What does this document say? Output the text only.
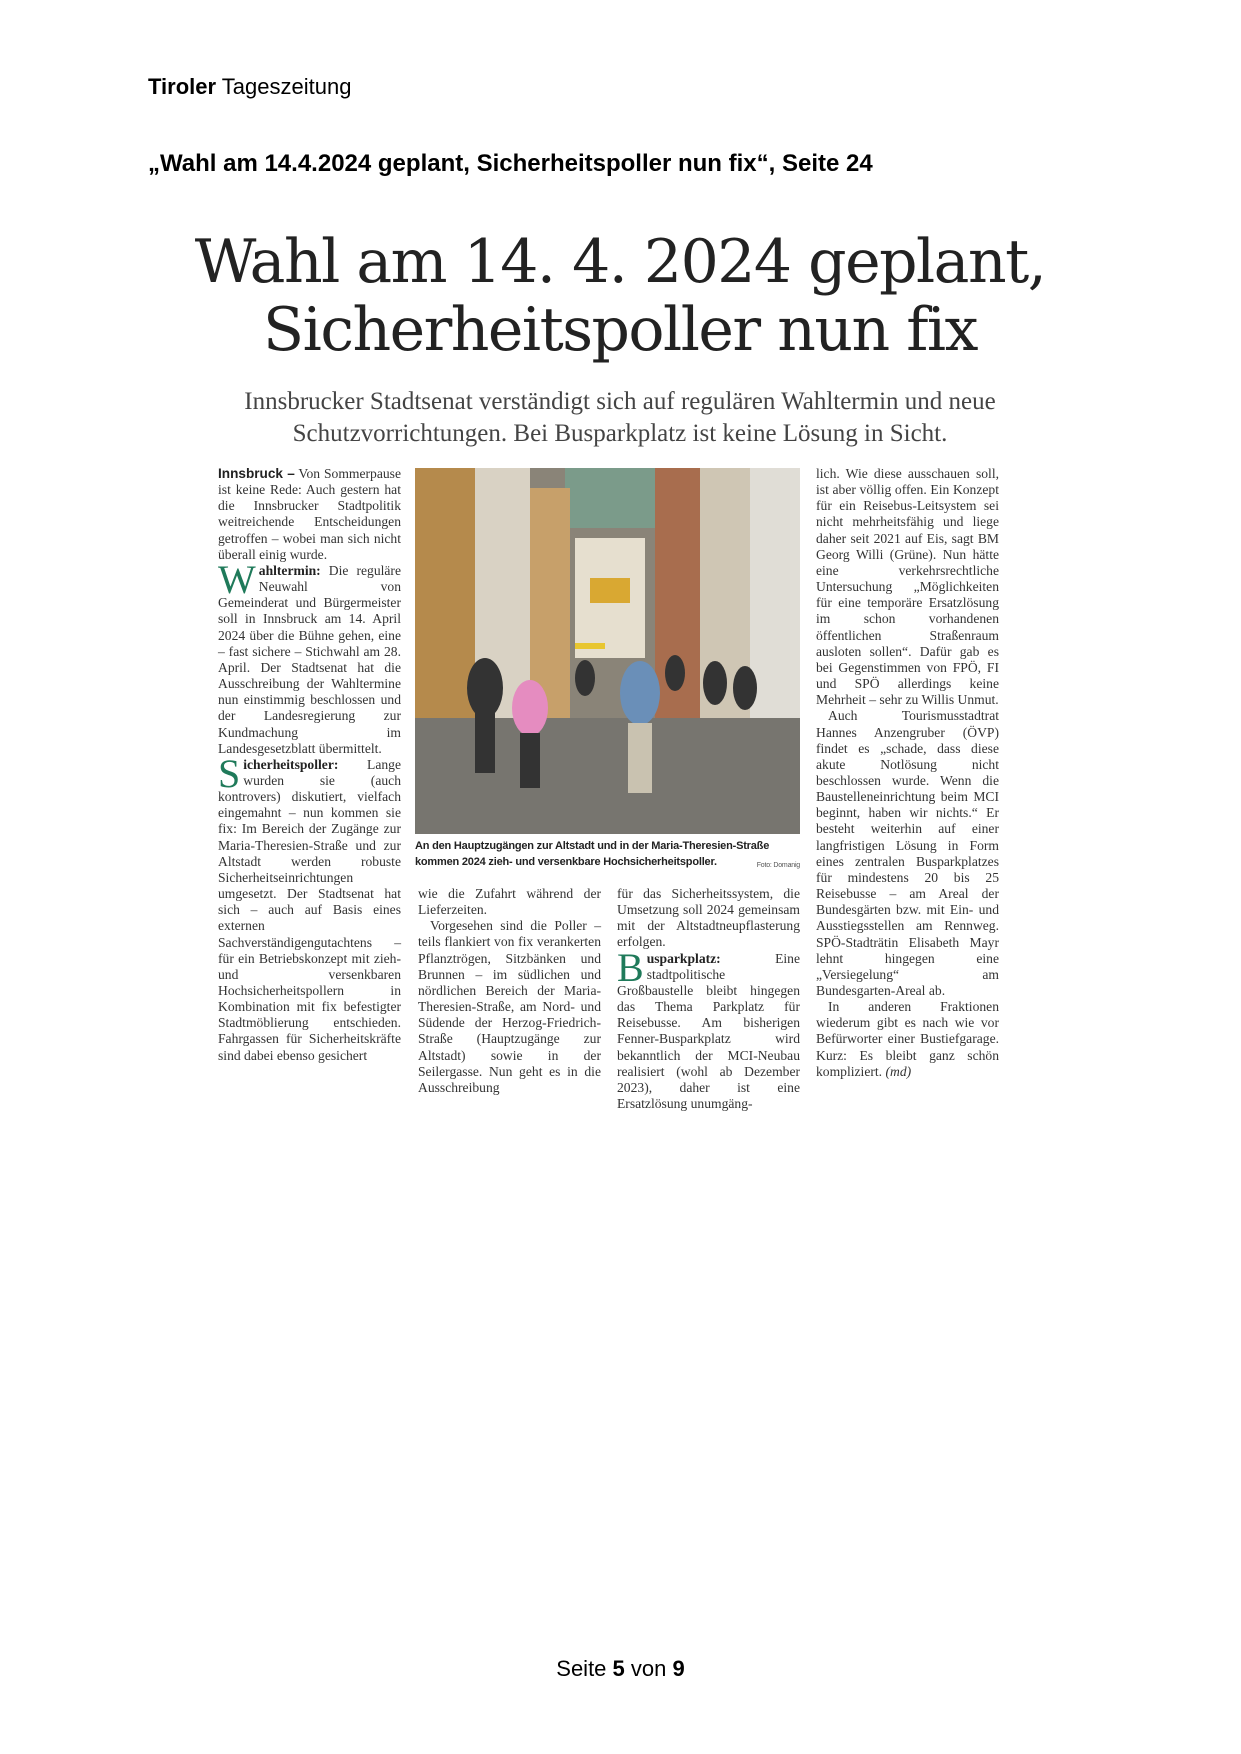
Tiroler Tageszeitung
„Wahl am 14.4.2024 geplant, Sicherheitspoller nun fix“, Seite 24
Wahl am 14. 4. 2024 geplant,
Sicherheitspoller nun fix
Innsbrucker Stadtsenat verständigt sich auf regulären Wahltermin und neue Schutzvorrichtungen. Bei Busparkplatz ist keine Lösung in Sicht.

Innsbruck – Von Sommerpause ist keine Rede: Auch gestern hat die Innsbrucker Stadtpolitik weitreichende Entscheidungen getroffen – wobei man sich nicht überall einig wurde.

Wahltermin: Die reguläre Neuwahl von Gemeinderat und Bürgermeister soll in Innsbruck am 14. April 2024 über die Bühne gehen, eine – fast sichere – Stichwahl am 28. April. Der Stadtsenat hat die Ausschreibung der Wahltermine nun einstimmig beschlossen und der Landesregierung zur Kundmachung im Landesgesetzblatt übermittelt.

Sicherheitspoller: Lange wurden sie (auch kontrovers) diskutiert, vielfach eingemahnt – nun kommen sie fix: Im Bereich der Zugänge zur Maria-Theresien-Straße und zur Altstadt werden robuste Sicherheitseinrichtungen umgesetzt. Der Stadtsenat hat sich – auch auf Basis eines externen Sachverständigengutachtens – für ein Betriebskonzept mit zieh- und versenkbaren Hochsicherheitspollern in Kombination mit fix befestigter Stadtmöblierung entschieden. Fahrgassen für Sicherheitskräfte sind dabei ebenso gesichert

An den Hauptzugängen zur Altstadt und in der Maria-Theresien-Straße kommen 2024 zieh- und versenkbare Hochsicherheitspoller.	Foto: Domanig

wie die Zufahrt während der Lieferzeiten.

Vorgesehen sind die Poller – teils flankiert von fix verankerten Pflanztrögen, Sitzbänken und Brunnen – im südlichen und nördlichen Bereich der Maria-Theresien-Straße, am Nord- und Südende der Herzog-Friedrich-Straße (Hauptzugänge zur Altstadt) sowie in der Seilergasse. Nun geht es in die Ausschreibung

für das Sicherheitssystem, die Umsetzung soll 2024 gemeinsam mit der Altstadtneupflasterung erfolgen.

Busparkplatz: Eine stadtpolitische Großbaustelle bleibt hingegen das Thema Parkplatz für Reisebusse. Am bisherigen Fenner-Busparkplatz wird bekanntlich der MCI-Neubau realisiert (wohl ab Dezember 2023), daher ist eine Ersatzlösung unumgäng-

lich. Wie diese ausschauen soll, ist aber völlig offen. Ein Konzept für ein Reisebus-Leitsystem sei nicht mehrheitsfähig und liege daher seit 2021 auf Eis, sagt BM Georg Willi (Grüne). Nun hätte eine verkehrsrechtliche Untersuchung „Möglichkeiten für eine temporäre Ersatzlösung im schon vorhandenen öffentlichen Straßenraum ausloten sollen“. Dafür gab es bei Gegenstimmen von FPÖ, FI und SPÖ allerdings keine Mehrheit – sehr zu Willis Unmut.

Auch Tourismusstadtrat Hannes Anzengruber (ÖVP) findet es „schade, dass diese akute Notlösung nicht beschlossen wurde. Wenn die Baustelleneinrichtung beim MCI beginnt, haben wir nichts.“ Er besteht weiterhin auf einer langfristigen Lösung in Form eines zentralen Busparkplatzes für mindestens 20 bis 25 Reisebusse – am Areal der Bundesgärten bzw. mit Ein- und Ausstiegsstellen am Rennweg. SPÖ-Stadträtin Elisabeth Mayr lehnt hingegen eine „Versiegelung“ am Bundesgarten-Areal ab.

In anderen Fraktionen wiederum gibt es nach wie vor Befürworter einer Bustiefgarage. Kurz: Es bleibt ganz schön kompliziert. (md)

Seite 5 von 9
